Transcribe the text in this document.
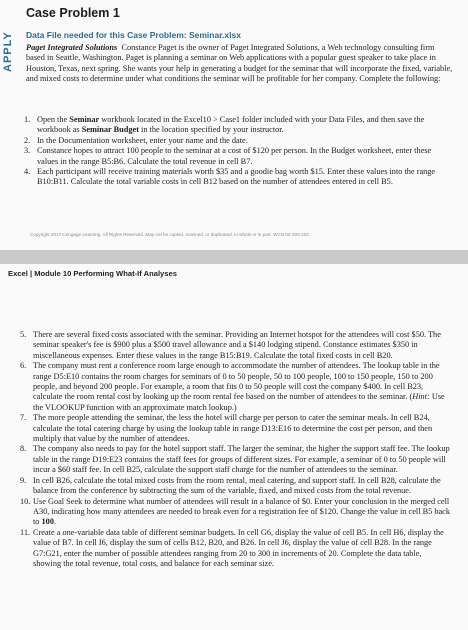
APPLY
Case Problem 1
Data File needed for this Case Problem: Seminar.xlsx

Paget Integrated Solutions Constance Paget is the owner of Paget Integrated Solutions, a Web technology consulting firm based in Seattle, Washington. Paget is planning a seminar on Web applications with a popular guest speaker to take place in Houston, Texas, next spring. She wants your help in generating a budget for the seminar that will incorporate the fixed, variable, and mixed costs to determine under what conditions the seminar will be profitable for her company. Complete the following:

1. Open the Seminar workbook located in the Excel10 > Case1 folder included with your Data Files, and then save the workbook as Seminar Budget in the location specified by your instructor.
2. In the Documentation worksheet, enter your name and the date.
3. Constance hopes to attract 100 people to the seminar at a cost of $120 per person. In the Budget worksheet, enter these values in the range B5:B6. Calculate the total revenue in cell B7.
4. Each participant will receive training materials worth $35 and a goodie bag worth $15. Enter these values into the range B10:B11. Calculate the total variable costs in cell B12 based on the number of attendees entered in cell B5.
Copyright 2017 Cengage Learning. All Rights Reserved. May not be copied, scanned, or duplicated, in whole or in part. WCN 02-200-203
Excel | Module 10 Performing What-If Analyses
5. There are several fixed costs associated with the seminar. Providing an Internet hotspot for the attendees will cost $50. The seminar speaker's fee is $900 plus a $500 travel allowance and a $140 lodging stipend. Constance estimates $350 in miscellaneous expenses. Enter these values in the range B15:B19. Calculate the total fixed costs in cell B20.
6. The company must rent a conference room large enough to accommodate the number of attendees. The lookup table in the range D5:E10 contains the room charges for seminars of 0 to 50 people, 50 to 100 people, 100 to 150 people, 150 to 200 people, and beyond 200 people. For example, a room that fits 0 to 50 people will cost the company $400. In cell B23, calculate the room rental cost by looking up the room rental fee based on the number of attendees to the seminar. (Hint: Use the VLOOKUP function with an approximate match lookup.)
7. The more people attending the seminar, the less the hotel will charge per person to cater the seminar meals. In cell B24, calculate the total catering charge by using the lookup table in range D13:E16 to determine the cost per person, and then multiply that value by the number of attendees.
8. The company also needs to pay for the hotel support staff. The larger the seminar, the higher the support staff fee. The lookup table in the range D19:E23 contains the staff fees for groups of different sizes. For example, a seminar of 0 to 50 people will incur a $60 staff fee. In cell B25, calculate the support staff charge for the number of attendees to the seminar.
9. In cell B26, calculate the total mixed costs from the room rental, meal catering, and support staff. In cell B28, calculate the balance from the conference by subtracting the sum of the variable, fixed, and mixed costs from the total revenue.
10. Use Goal Seek to determine what number of attendees will result in a balance of $0. Enter your conclusion in the merged cell A30, indicating how many attendees are needed to break even for a registration fee of $120. Change the value in cell B5 back to 100.
11. Create a one-variable data table of different seminar budgets. In cell G6, display the value of cell B5. In cell H6, display the value of B7. In cell I6, display the sum of cells B12, B20, and B26. In cell J6, display the value of cell B28. In the range G7:G21, enter the number of possible attendees ranging from 20 to 300 in increments of 20. Complete the data table, showing the total revenue, total costs, and balance for each seminar size.
